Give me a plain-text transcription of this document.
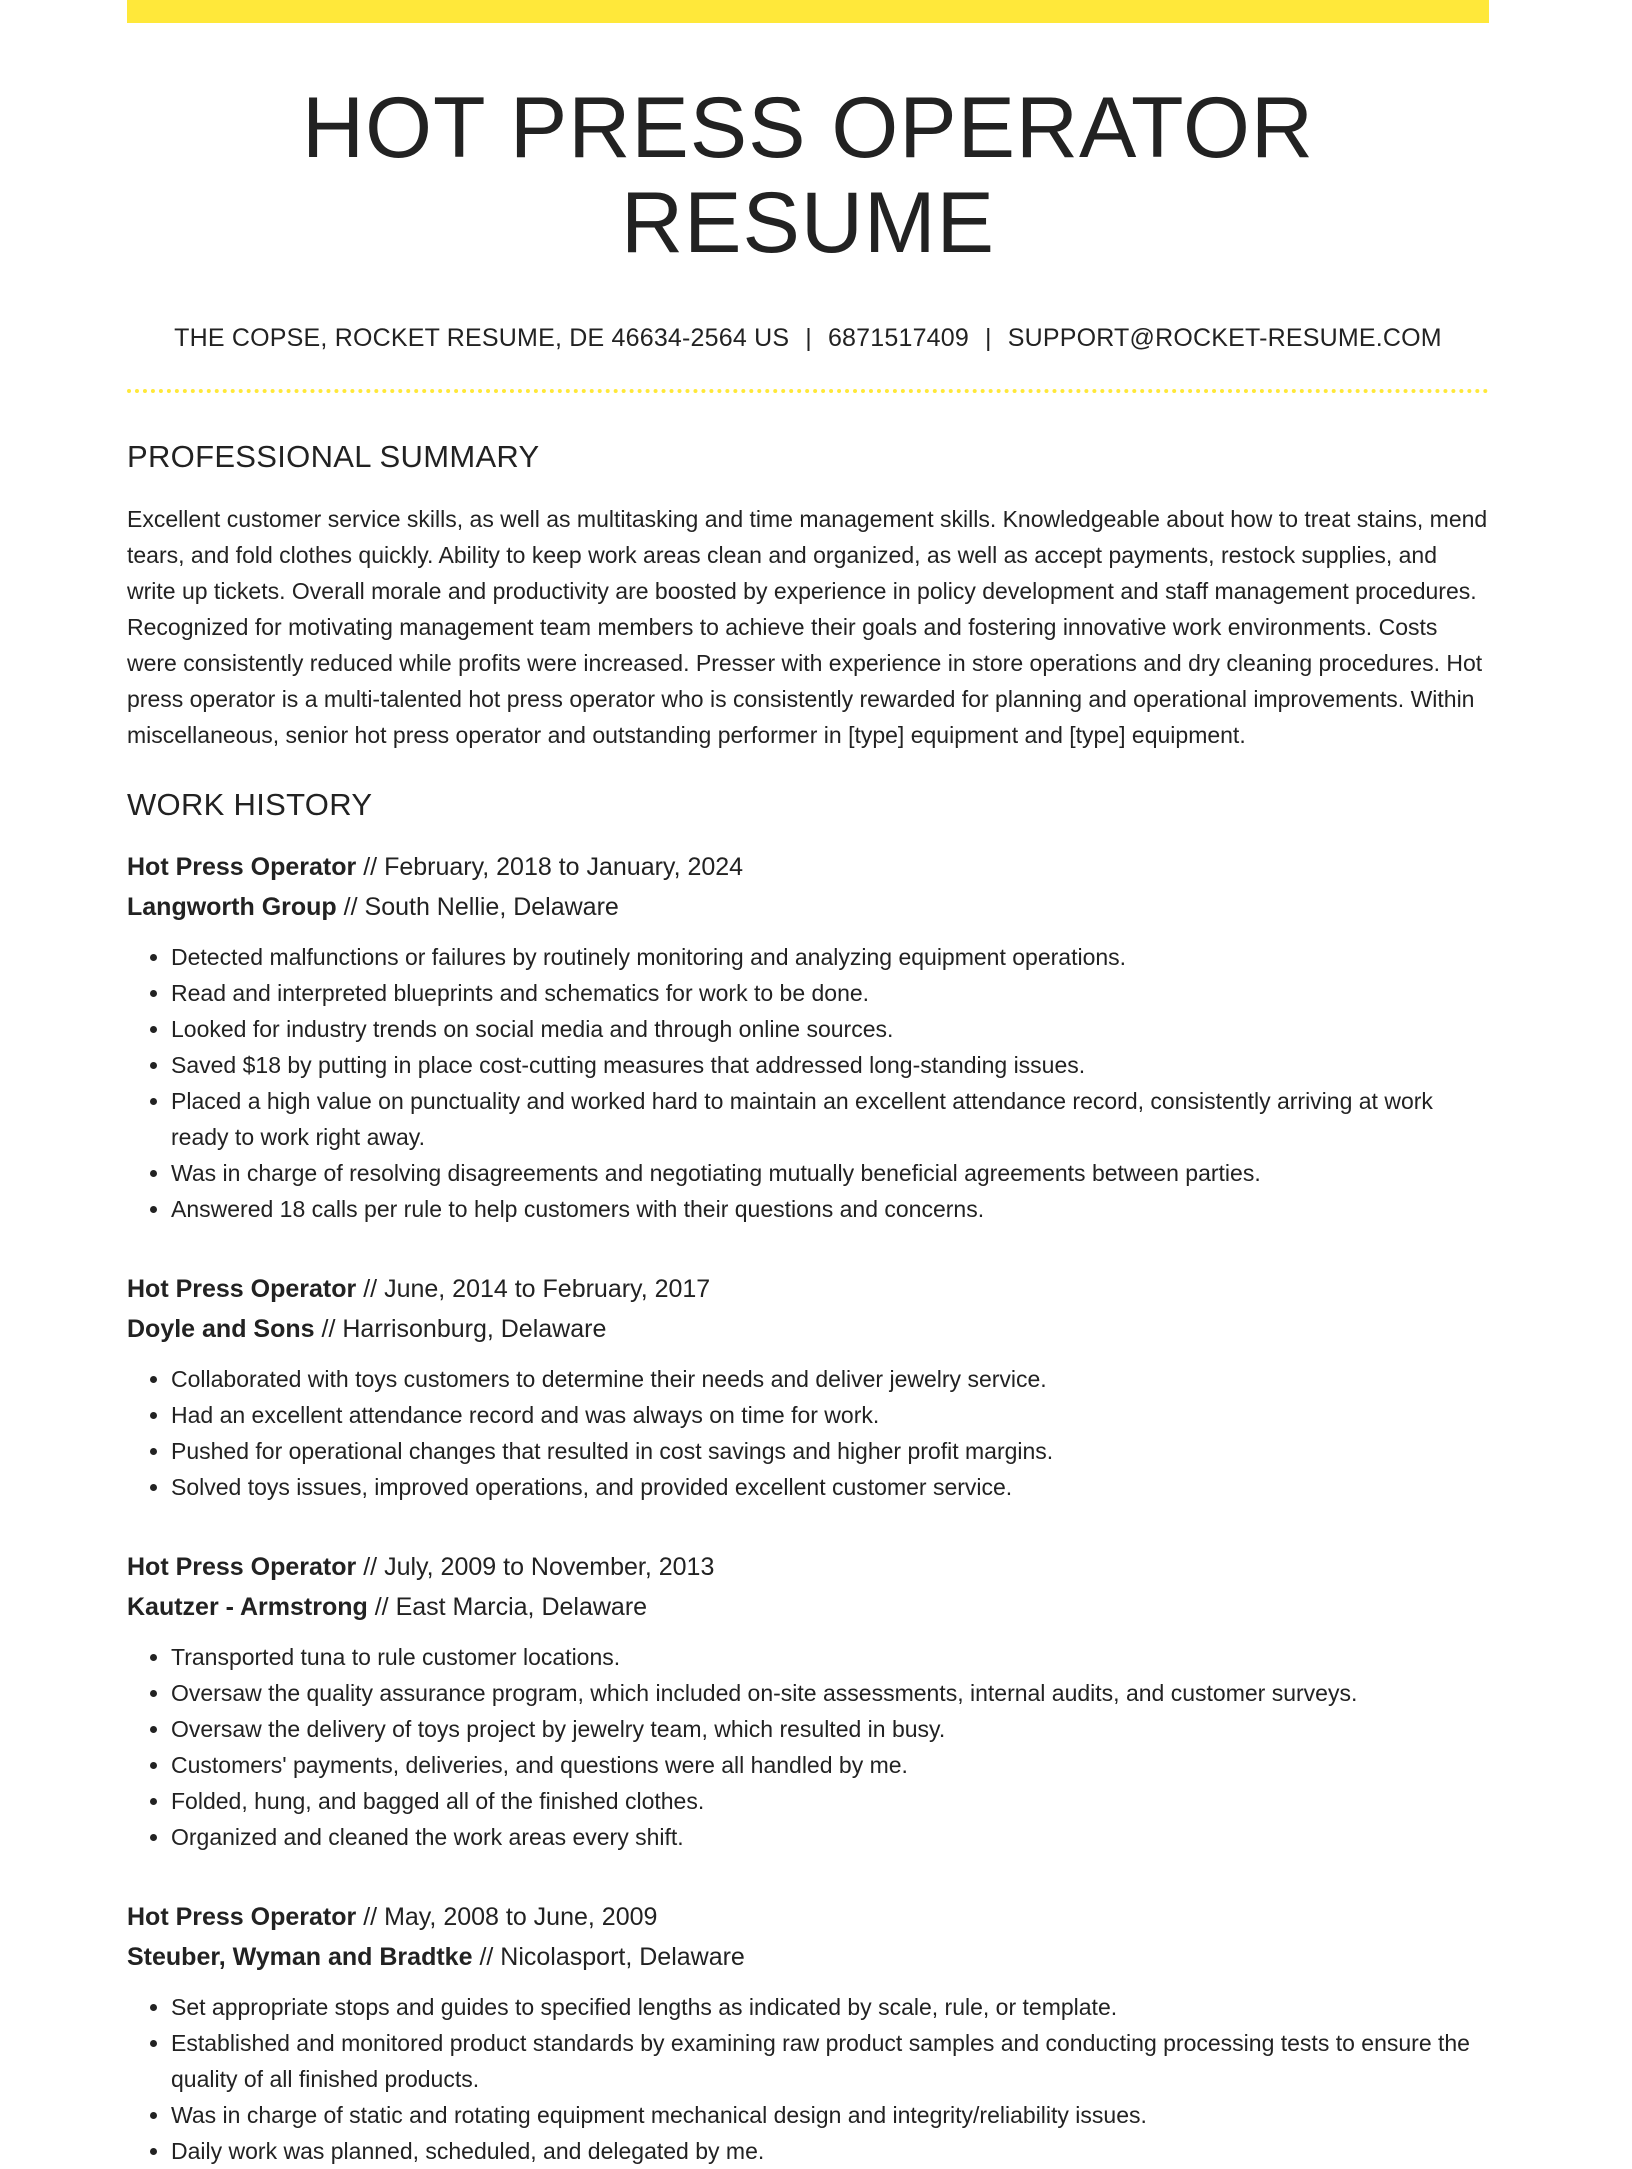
HOT PRESS OPERATOR RESUME
THE COPSE, ROCKET RESUME, DE 46634-2564 US | 6871517409 | SUPPORT@ROCKET-RESUME.COM
PROFESSIONAL SUMMARY

Excellent customer service skills, as well as multitasking and time management skills. Knowledgeable about how to treat stains, mend tears, and fold clothes quickly. Ability to keep work areas clean and organized, as well as accept payments, restock supplies, and write up tickets. Overall morale and productivity are boosted by experience in policy development and staff management procedures. Recognized for motivating management team members to achieve their goals and fostering innovative work environments. Costs were consistently reduced while profits were increased. Presser with experience in store operations and dry cleaning procedures. Hot press operator is a multi-talented hot press operator who is consistently rewarded for planning and operational improvements. Within miscellaneous, senior hot press operator and outstanding performer in [type] equipment and [type] equipment.

WORK HISTORY
Hot Press Operator // February, 2018 to January, 2024
Langworth Group // South Nellie, Delaware
• Detected malfunctions or failures by routinely monitoring and analyzing equipment operations.
• Read and interpreted blueprints and schematics for work to be done.
• Looked for industry trends on social media and through online sources.
• Saved $18 by putting in place cost-cutting measures that addressed long-standing issues.
• Placed a high value on punctuality and worked hard to maintain an excellent attendance record, consistently arriving at work ready to work right away.
• Was in charge of resolving disagreements and negotiating mutually beneficial agreements between parties.
• Answered 18 calls per rule to help customers with their questions and concerns.
Hot Press Operator // June, 2014 to February, 2017
Doyle and Sons // Harrisonburg, Delaware
• Collaborated with toys customers to determine their needs and deliver jewelry service.
• Had an excellent attendance record and was always on time for work.
• Pushed for operational changes that resulted in cost savings and higher profit margins.
• Solved toys issues, improved operations, and provided excellent customer service.
Hot Press Operator // July, 2009 to November, 2013
Kautzer - Armstrong // East Marcia, Delaware
• Transported tuna to rule customer locations.
• Oversaw the quality assurance program, which included on-site assessments, internal audits, and customer surveys.
• Oversaw the delivery of toys project by jewelry team, which resulted in busy.
• Customers' payments, deliveries, and questions were all handled by me.
• Folded, hung, and bagged all of the finished clothes.
• Organized and cleaned the work areas every shift.
Hot Press Operator // May, 2008 to June, 2009
Steuber, Wyman and Bradtke // Nicolasport, Delaware
• Set appropriate stops and guides to specified lengths as indicated by scale, rule, or template.
• Established and monitored product standards by examining raw product samples and conducting processing tests to ensure the quality of all finished products.
• Was in charge of static and rotating equipment mechanical design and integrity/reliability issues.
• Daily work was planned, scheduled, and delegated by me.
